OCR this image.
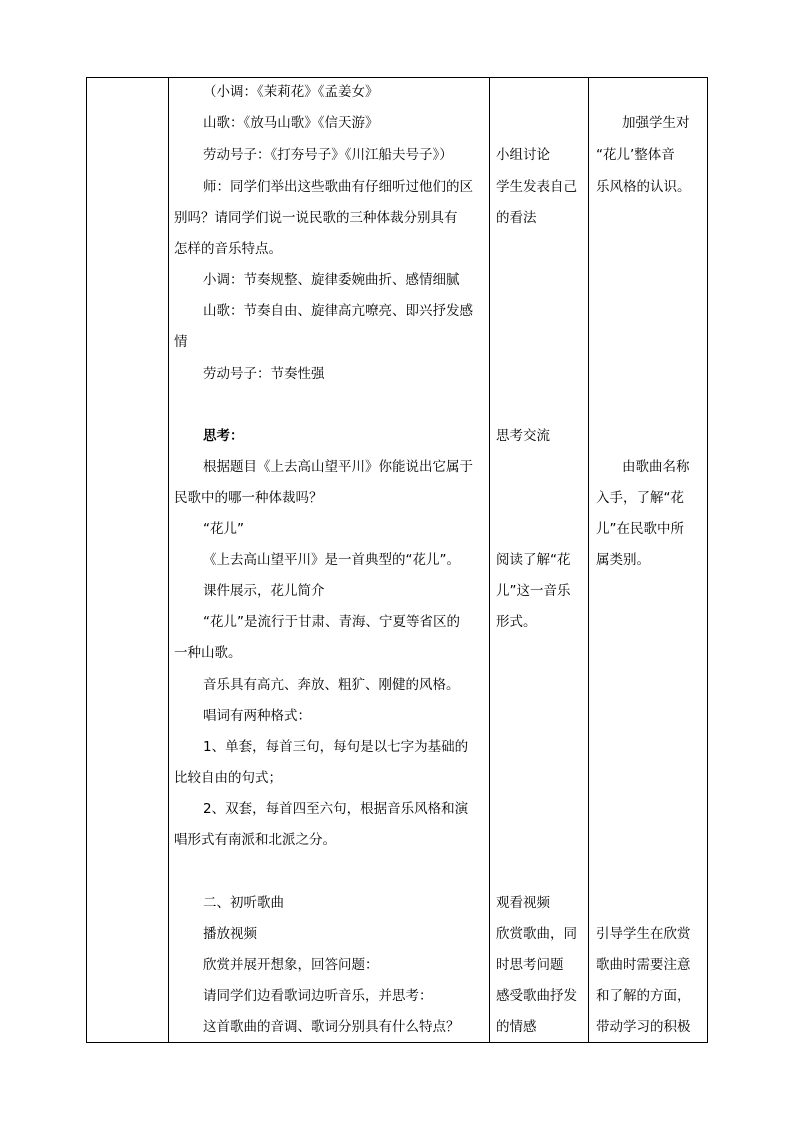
（小调：《茉莉花》《孟姜女》
山歌：《放马山歌》《信天游》
劳动号子：《打夯号子》《川江船夫号子》）
师：同学们举出这些歌曲有仔细听过他们的区
别吗？请同学们说一说民歌的三种体裁分别具有
怎样的音乐特点。
小调：节奏规整、旋律委婉曲折、感情细腻
山歌：节奏自由、旋律高亢嘹亮、即兴抒发感
情
劳动号子：节奏性强
思考：
根据题目《上去高山望平川》你能说出它属于
民歌中的哪一种体裁吗？
“花儿”
《上去高山望平川》是一首典型的“花儿”。
课件展示，花儿简介
“花儿”是流行于甘肃、青海、宁夏等省区的
一种山歌。
音乐具有高亢、奔放、粗犷、刚健的风格。
唱词有两种格式：
1、单套，每首三句，每句是以七字为基础的
比较自由的句式；
2、双套，每首四至六句，根据音乐风格和演
唱形式有南派和北派之分。
二、初听歌曲
播放视频
欣赏并展开想象，回答问题：
请同学们边看歌词边听音乐，并思考：
这首歌曲的音调、歌词分别具有什么特点？
小组讨论
学生发表自己
的看法
思考交流
阅读了解“花
儿”这一音乐
形式。
观看视频
欣赏歌曲，同
时思考问题
感受歌曲抒发
的情感
加强学生对
“花儿’整体音
乐风格的认识。
由歌曲名称
入手，了解“花
儿”在民歌中所
属类别。
引导学生在欣赏
歌曲时需要注意
和了解的方面，
带动学习的积极
